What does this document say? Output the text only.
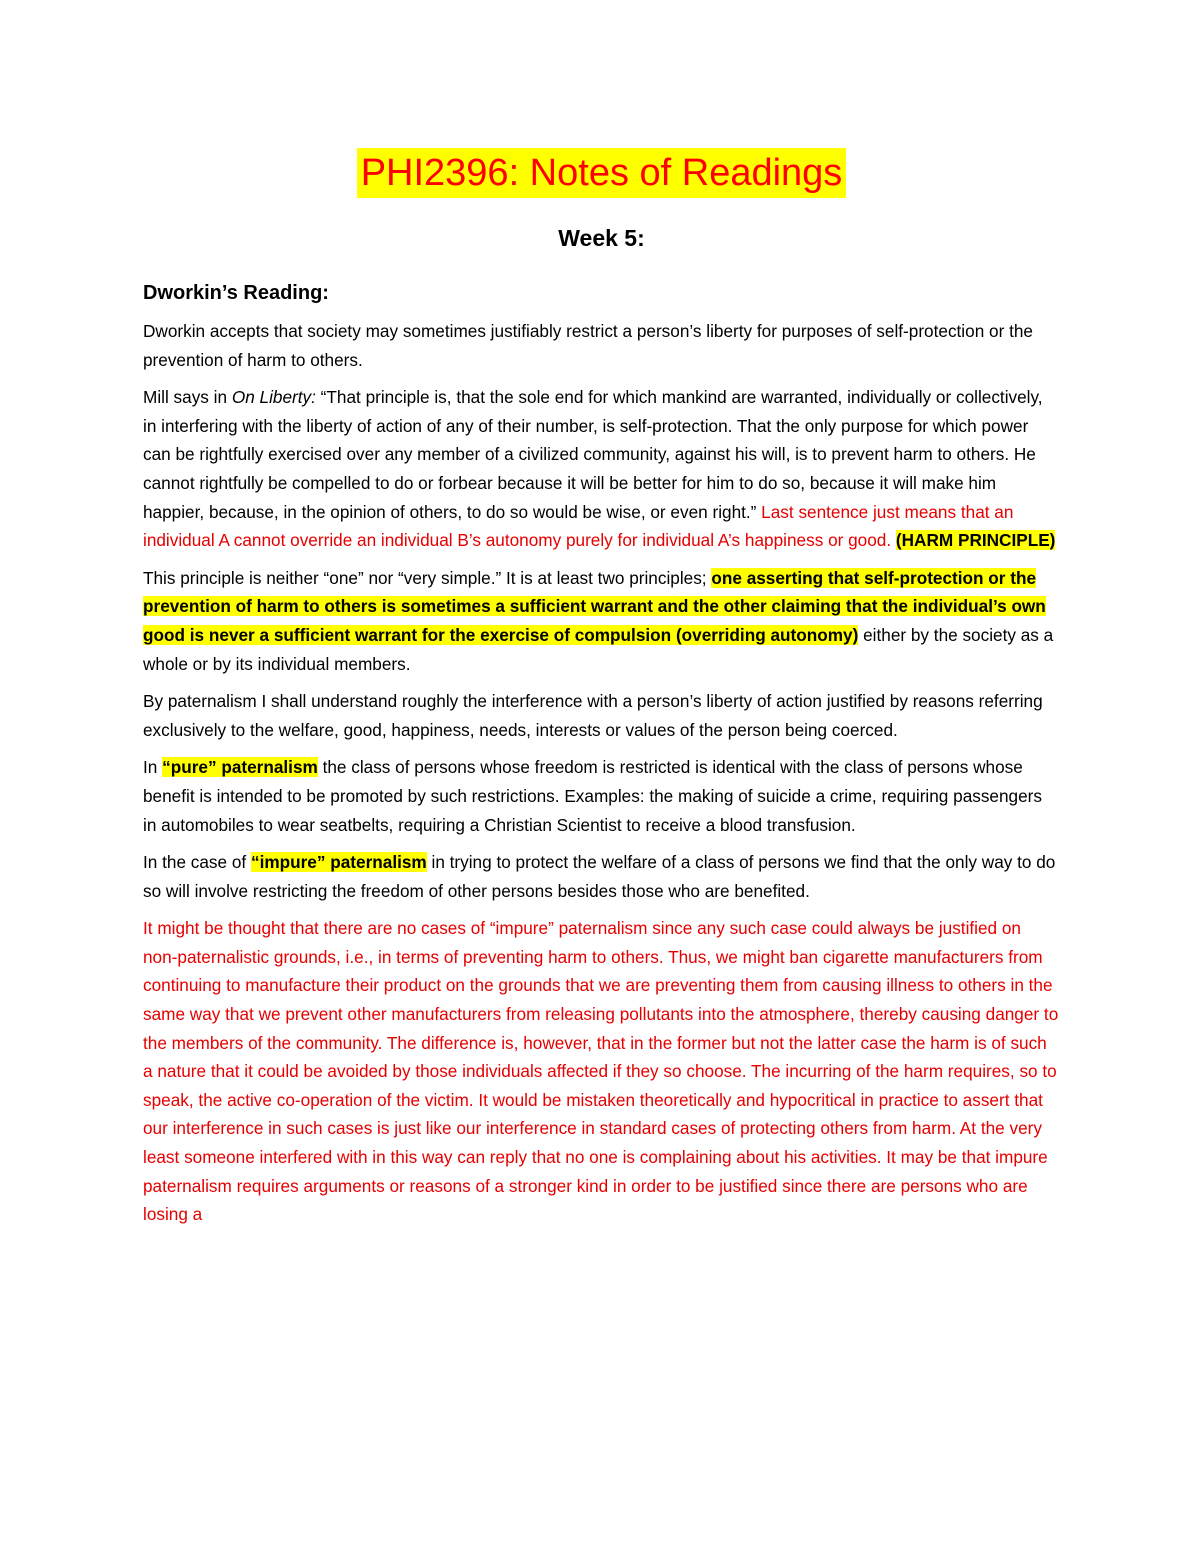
PHI2396: Notes of Readings
Week 5:
Dworkin’s Reading:

Dworkin accepts that society may sometimes justifiably restrict a person’s liberty for purposes of self-protection or the prevention of harm to others.

Mill says in On Liberty: “That principle is, that the sole end for which mankind are warranted, individually or collectively, in interfering with the liberty of action of any of their number, is self-protection. That the only purpose for which power can be rightfully exercised over any member of a civilized community, against his will, is to prevent harm to others. He cannot rightfully be compelled to do or forbear because it will be better for him to do so, because it will make him happier, because, in the opinion of others, to do so would be wise, or even right.” Last sentence just means that an individual A cannot override an individual B’s autonomy purely for individual A’s happiness or good. (HARM PRINCIPLE)

This principle is neither “one” nor “very simple.” It is at least two principles; one asserting that self-protection or the prevention of harm to others is sometimes a sufficient warrant and the other claiming that the individual’s own good is never a sufficient warrant for the exercise of compulsion (overriding autonomy) either by the society as a whole or by its individual members.

By paternalism I shall understand roughly the interference with a person’s liberty of action justified by reasons referring exclusively to the welfare, good, happiness, needs, interests or values of the person being coerced.

In “pure” paternalism the class of persons whose freedom is restricted is identical with the class of persons whose benefit is intended to be promoted by such restrictions. Examples: the making of suicide a crime, requiring passengers in automobiles to wear seatbelts, requiring a Christian Scientist to receive a blood transfusion.

In the case of “impure” paternalism in trying to protect the welfare of a class of persons we find that the only way to do so will involve restricting the freedom of other persons besides those who are benefited.

It might be thought that there are no cases of “impure” paternalism since any such case could always be justified on non-paternalistic grounds, i.e., in terms of preventing harm to others. Thus, we might ban cigarette manufacturers from continuing to manufacture their product on the grounds that we are preventing them from causing illness to others in the same way that we prevent other manufacturers from releasing pollutants into the atmosphere, thereby causing danger to the members of the community. The difference is, however, that in the former but not the latter case the harm is of such a nature that it could be avoided by those individuals affected if they so choose. The incurring of the harm requires, so to speak, the active co-operation of the victim. It would be mistaken theoretically and hypocritical in practice to assert that our interference in such cases is just like our interference in standard cases of protecting others from harm. At the very least someone interfered with in this way can reply that no one is complaining about his activities. It may be that impure paternalism requires arguments or reasons of a stronger kind in order to be justified since there are persons who are losing a
